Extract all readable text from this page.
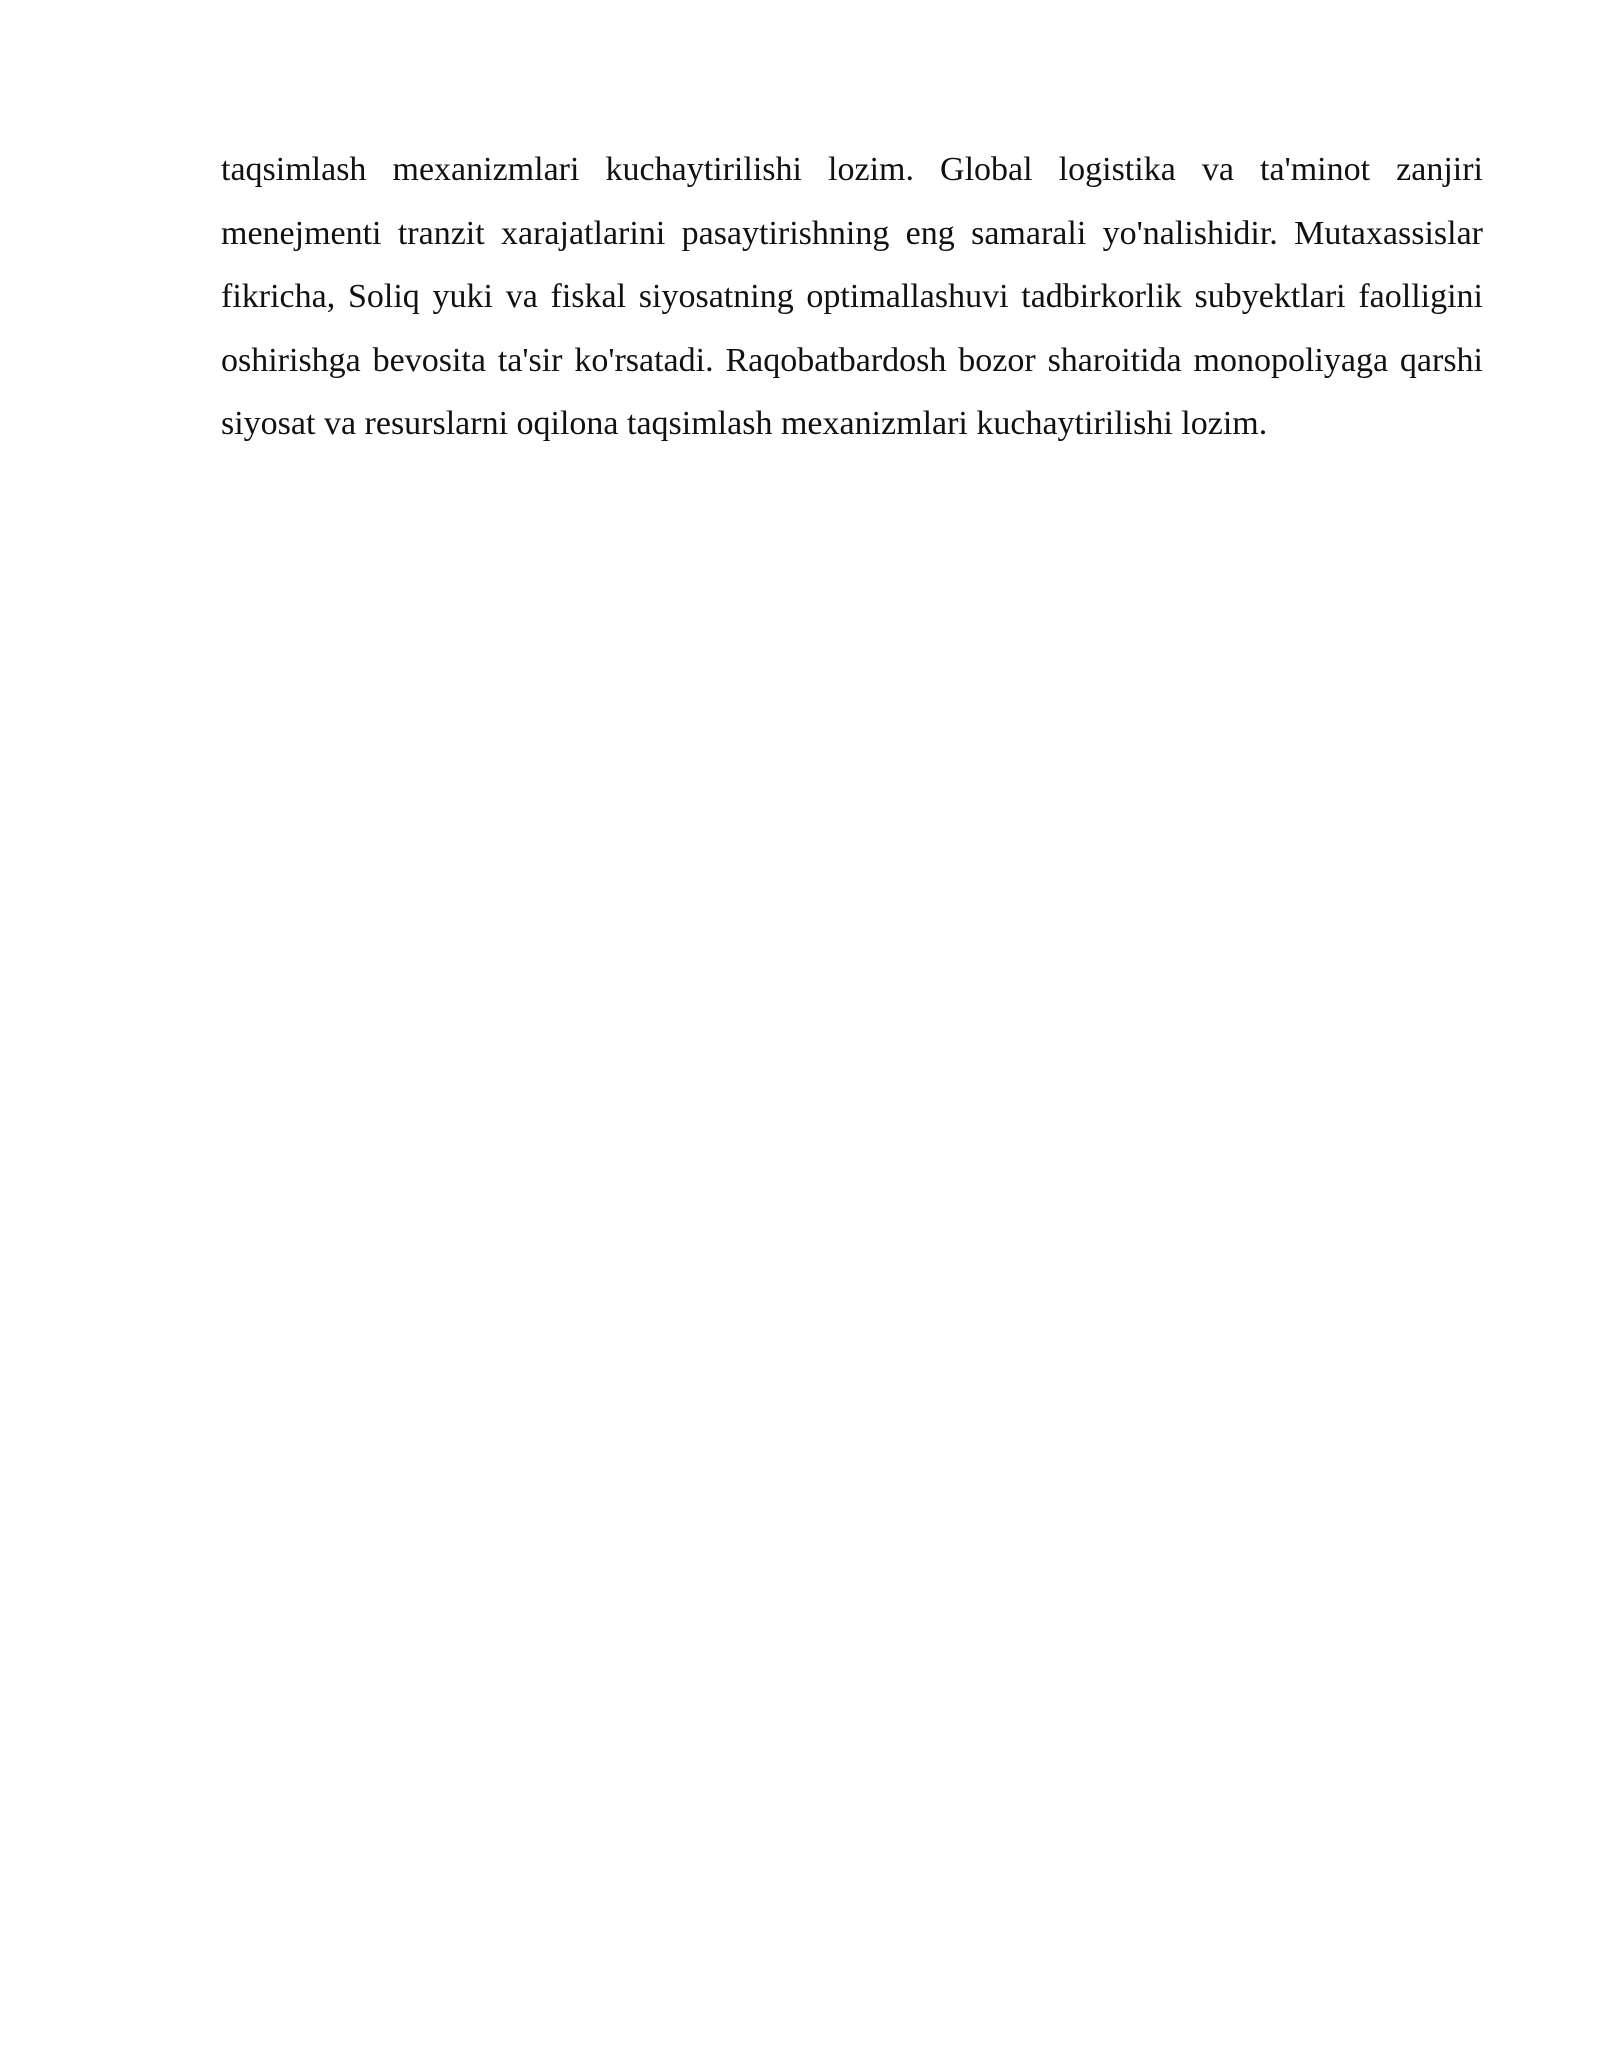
taqsimlash mexanizmlari kuchaytirilishi lozim. Global logistika va ta'minot zanjiri menejmenti tranzit xarajatlarini pasaytirishning eng samarali yo'nalishidir. Mutaxassislar fikricha, Soliq yuki va fiskal siyosatning optimallashuvi tadbirkorlik subyektlari faolligini oshirishga bevosita ta'sir ko'rsatadi. Raqobatbardosh bozor sharoitida monopoliyaga qarshi siyosat va resurslarni oqilona taqsimlash mexanizmlari kuchaytirilishi lozim.
